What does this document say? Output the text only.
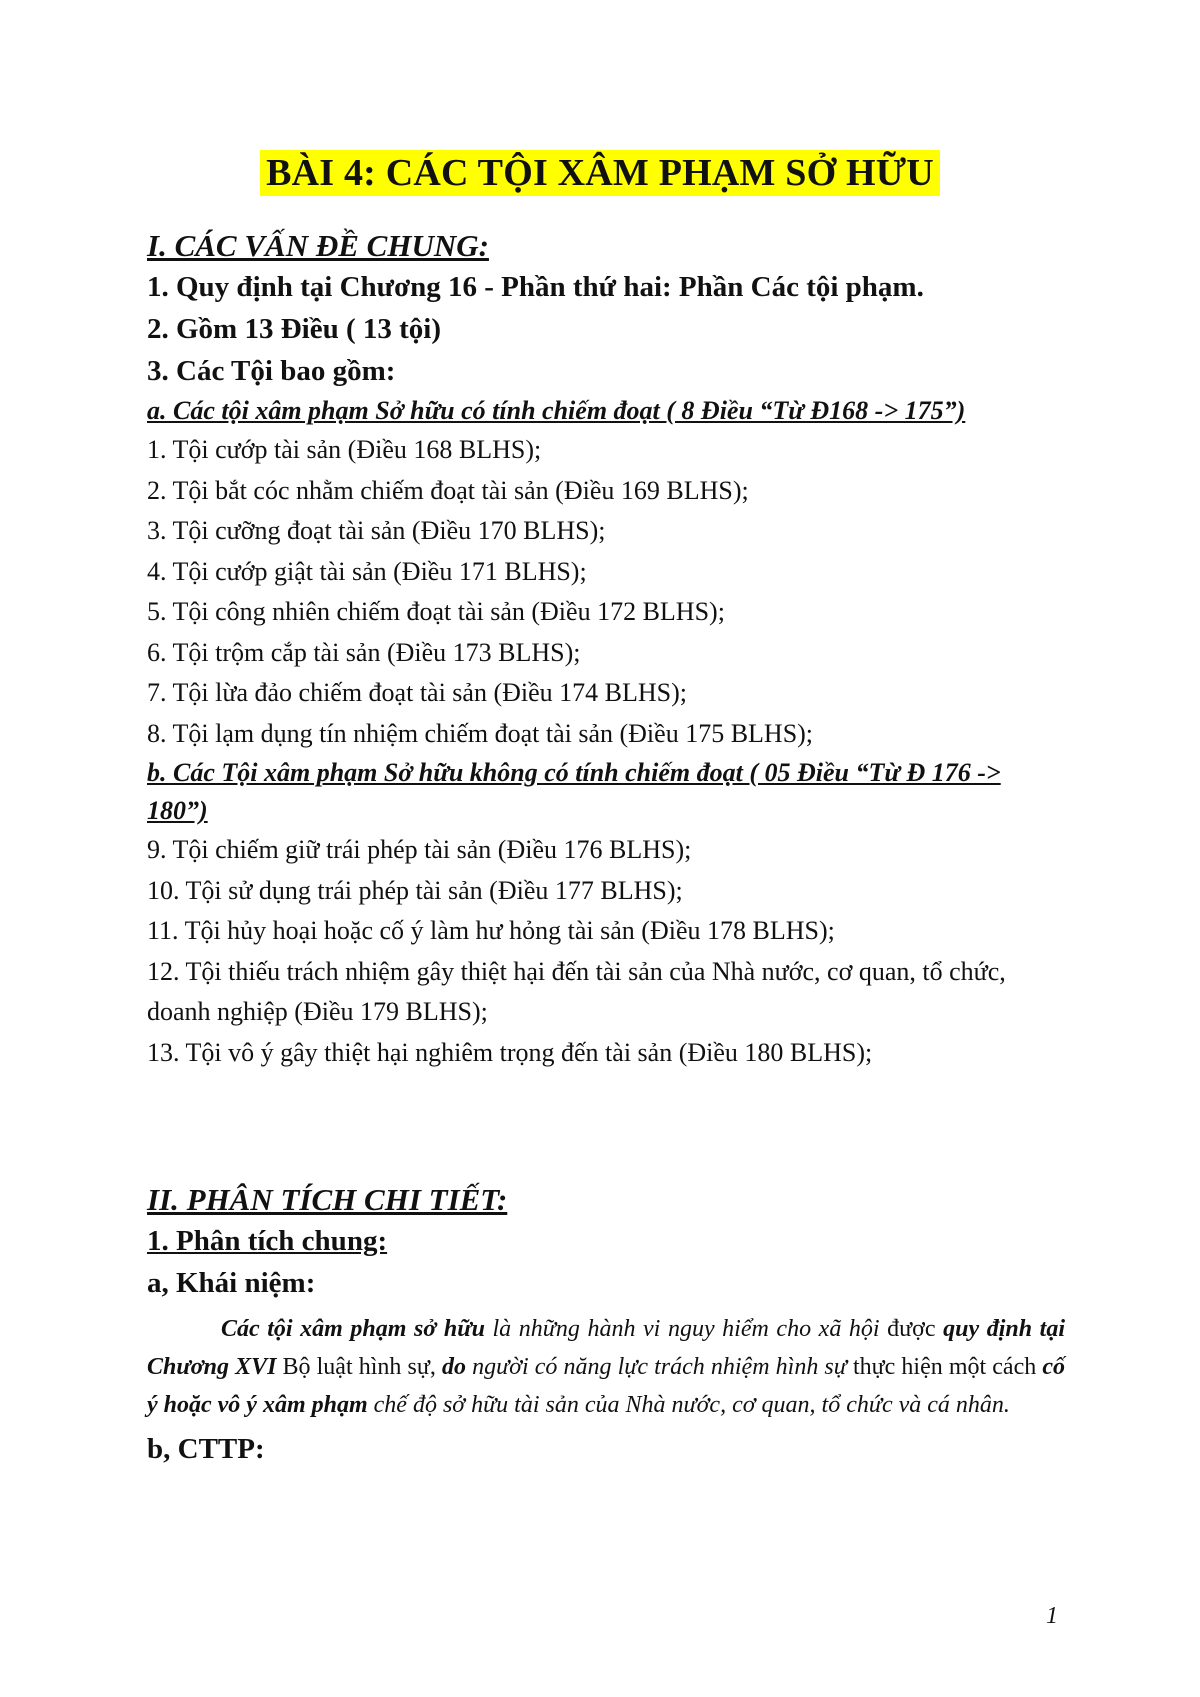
BÀI 4: CÁC TỘI XÂM PHẠM SỞ HỮU

I. CÁC VẤN ĐỀ CHUNG:

1. Quy định tại Chương 16 - Phần thứ hai: Phần Các tội phạm.

2. Gồm 13 Điều ( 13 tội)

3. Các Tội bao gồm:

a. Các tội xâm phạm Sở hữu có tính chiếm đoạt ( 8 Điều “Từ Đ168 -> 175”)

1. Tội cướp tài sản (Điều 168 BLHS);

2. Tội bắt cóc nhằm chiếm đoạt tài sản (Điều 169 BLHS);

3. Tội cưỡng đoạt tài sản (Điều 170 BLHS);

4. Tội cướp giật tài sản (Điều 171 BLHS);

5. Tội công nhiên chiếm đoạt tài sản (Điều 172 BLHS);

6. Tội trộm cắp tài sản (Điều 173 BLHS);

7. Tội lừa đảo chiếm đoạt tài sản (Điều 174 BLHS);

8. Tội lạm dụng tín nhiệm chiếm đoạt tài sản (Điều 175 BLHS);

b. Các Tội xâm phạm Sở hữu không có tính chiếm đoạt ( 05 Điều “Từ Đ 176 -> 180”)

9. Tội chiếm giữ trái phép tài sản (Điều 176 BLHS);

10. Tội sử dụng trái phép tài sản (Điều 177 BLHS);

11. Tội hủy hoại hoặc cố ý làm hư hỏng tài sản (Điều 178 BLHS);

12. Tội thiếu trách nhiệm gây thiệt hại đến tài sản của Nhà nước, cơ quan, tổ chức, doanh nghiệp (Điều 179 BLHS);

13. Tội vô ý gây thiệt hại nghiêm trọng đến tài sản (Điều 180 BLHS);

II. PHÂN TÍCH CHI TIẾT:

1. Phân tích chung:

a, Khái niệm:

Các tội xâm phạm sở hữu là những hành vi nguy hiểm cho xã hội được quy định tại Chương XVI Bộ luật hình sự, do người có năng lực trách nhiệm hình sự thực hiện một cách cố ý hoặc vô ý xâm phạm chế độ sở hữu tài sản của Nhà nước, cơ quan, tổ chức và cá nhân.

b, CTTP:

1
